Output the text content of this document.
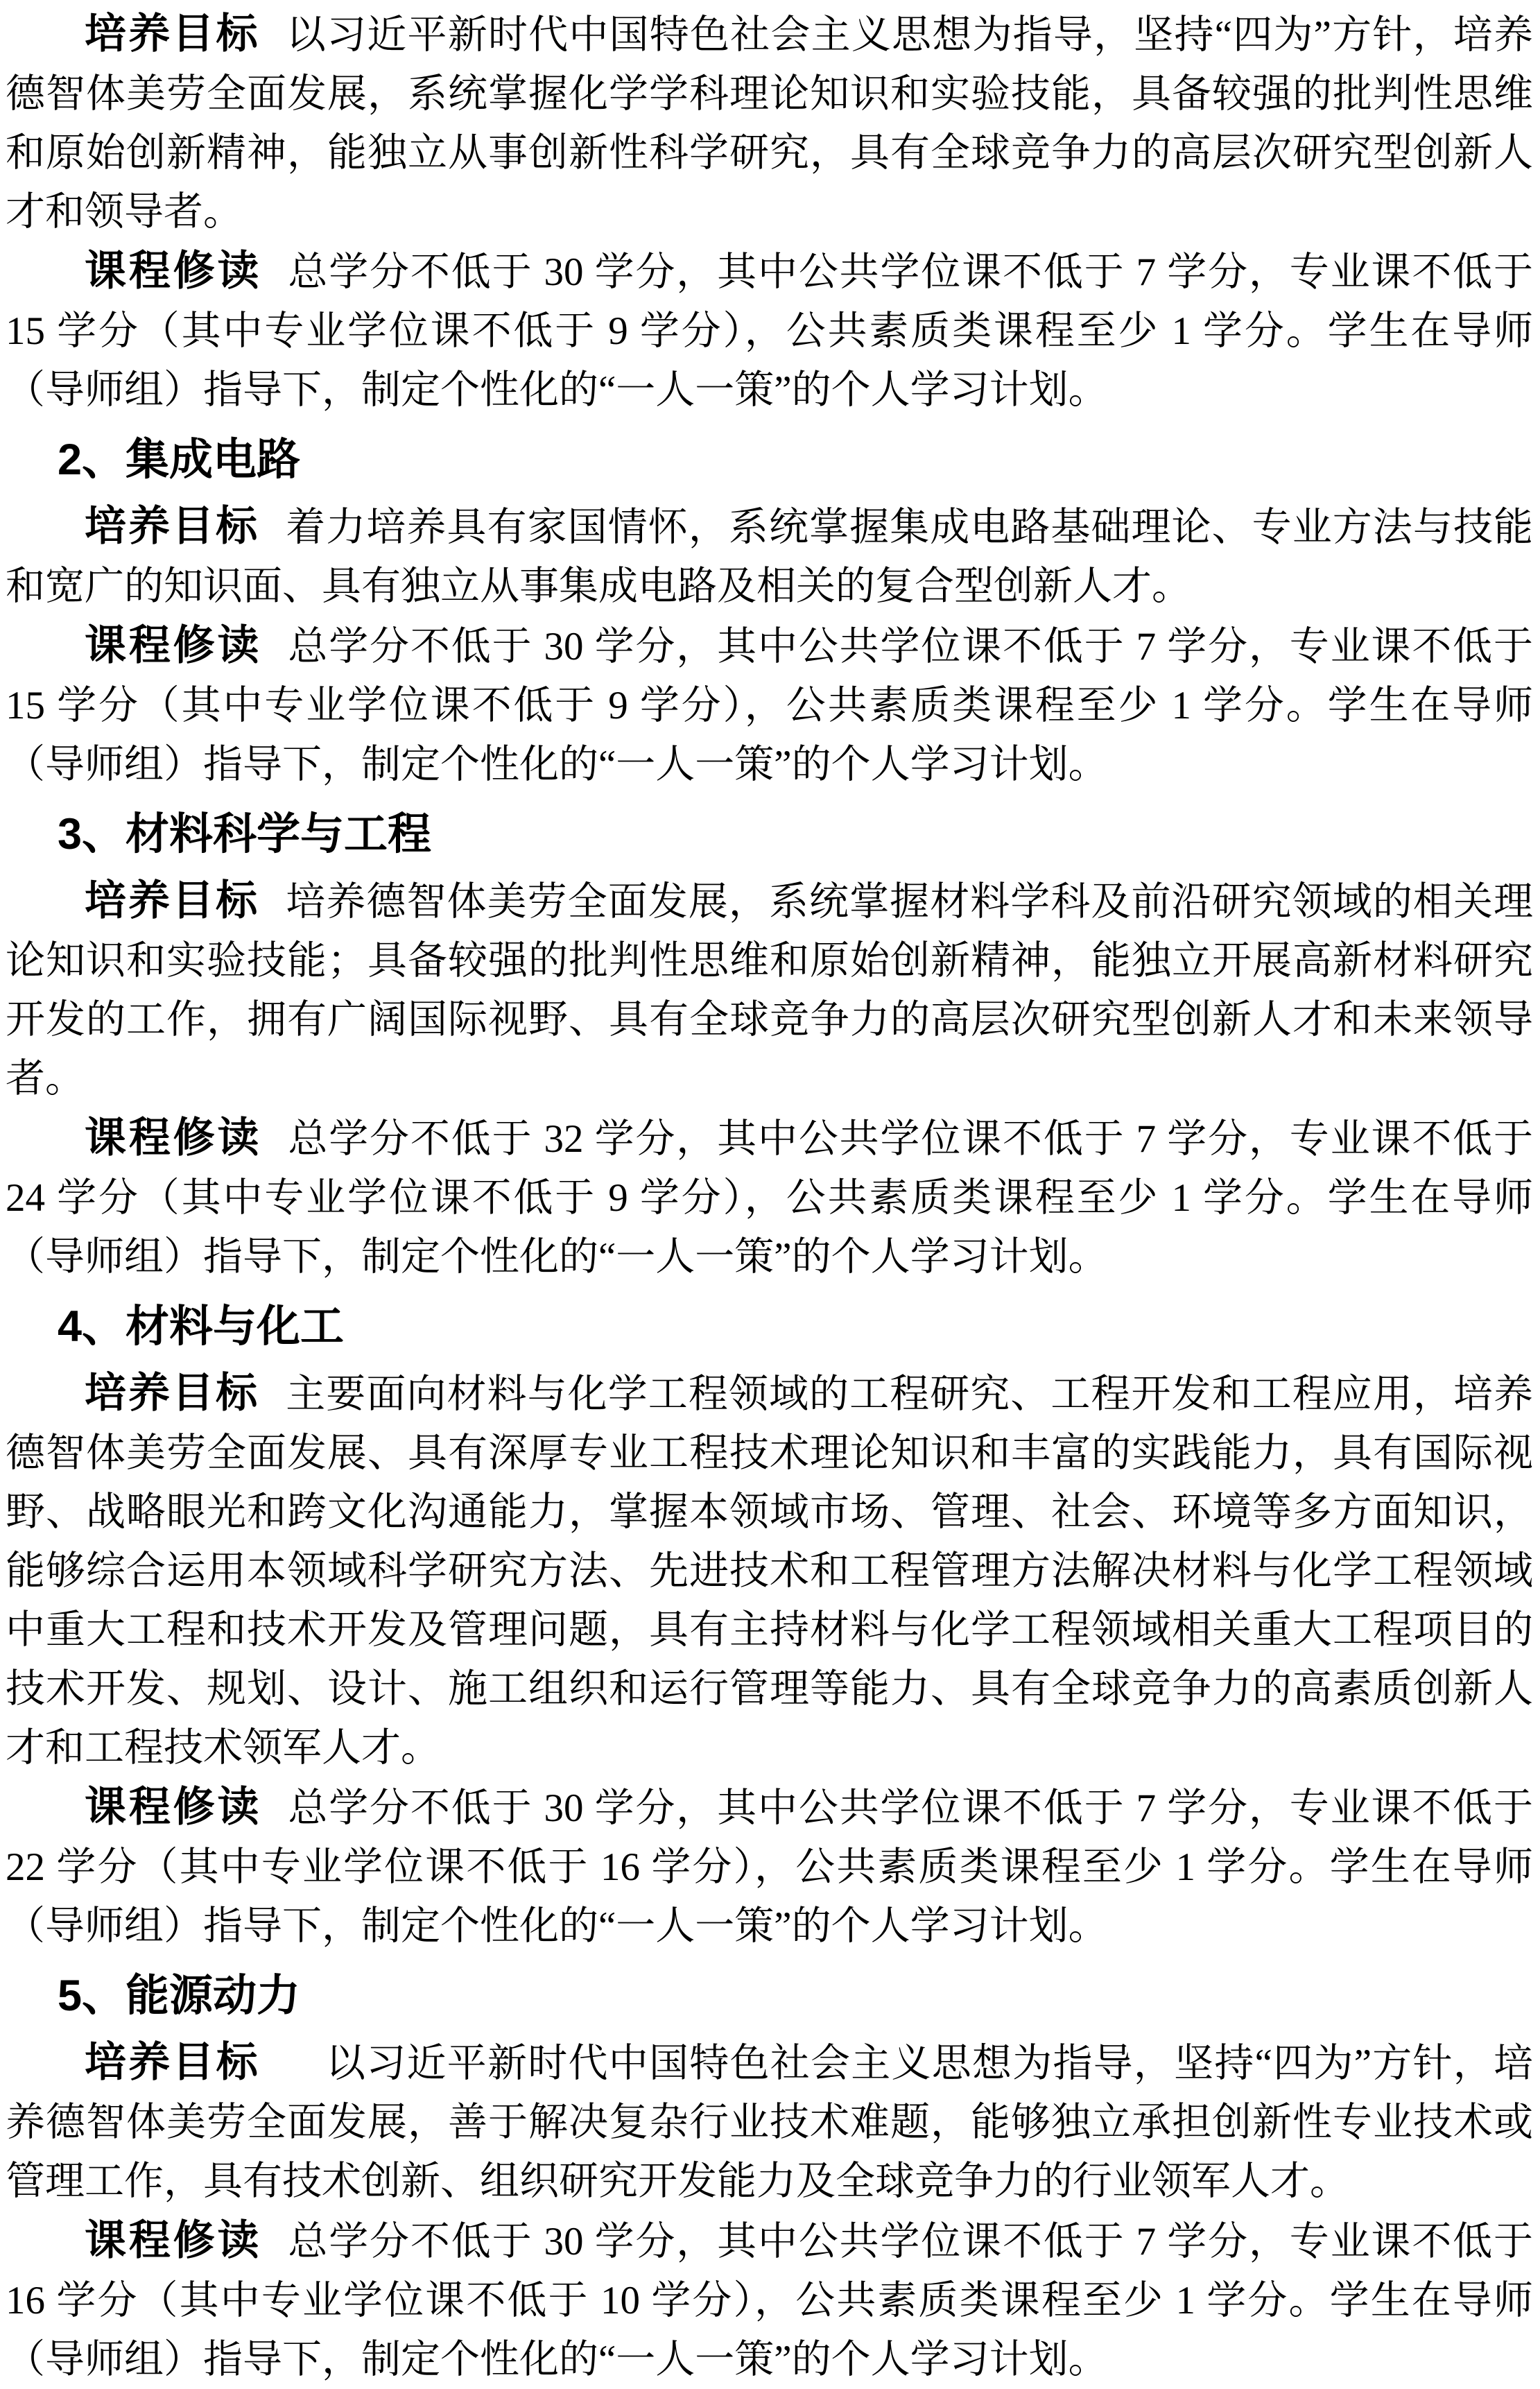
培养目标 以习近平新时代中国特色社会主义思想为指导，坚持“四为”方针，培养德智体美劳全面发展，系统掌握化学学科理论知识和实验技能，具备较强的批判性思维和原始创新精神，能独立从事创新性科学研究，具有全球竞争力的高层次研究型创新人才和领导者。

课程修读 总学分不低于 30 学分，其中公共学位课不低于 7 学分，专业课不低于 15 学分（其中专业学位课不低于 9 学分），公共素质类课程至少 1 学分。学生在导师（导师组）指导下，制定个性化的“一人一策”的个人学习计划。

2、集成电路

培养目标 着力培养具有家国情怀，系统掌握集成电路基础理论、专业方法与技能和宽广的知识面、具有独立从事集成电路及相关的复合型创新人才。

课程修读 总学分不低于 30 学分，其中公共学位课不低于 7 学分，专业课不低于 15 学分（其中专业学位课不低于 9 学分），公共素质类课程至少 1 学分。学生在导师（导师组）指导下，制定个性化的“一人一策”的个人学习计划。

3、材料科学与工程

培养目标 培养德智体美劳全面发展，系统掌握材料学科及前沿研究领域的相关理论知识和实验技能；具备较强的批判性思维和原始创新精神，能独立开展高新材料研究开发的工作，拥有广阔国际视野、具有全球竞争力的高层次研究型创新人才和未来领导者。

课程修读 总学分不低于 32 学分，其中公共学位课不低于 7 学分，专业课不低于 24 学分（其中专业学位课不低于 9 学分），公共素质类课程至少 1 学分。学生在导师（导师组）指导下，制定个性化的“一人一策”的个人学习计划。

4、材料与化工

培养目标 主要面向材料与化学工程领域的工程研究、工程开发和工程应用，培养德智体美劳全面发展、具有深厚专业工程技术理论知识和丰富的实践能力，具有国际视野、战略眼光和跨文化沟通能力，掌握本领域市场、管理、社会、环境等多方面知识，能够综合运用本领域科学研究方法、先进技术和工程管理方法解决材料与化学工程领域中重大工程和技术开发及管理问题，具有主持材料与化学工程领域相关重大工程项目的技术开发、规划、设计、施工组织和运行管理等能力、具有全球竞争力的高素质创新人才和工程技术领军人才。

课程修读 总学分不低于 30 学分，其中公共学位课不低于 7 学分，专业课不低于 22 学分（其中专业学位课不低于 16 学分），公共素质类课程至少 1 学分。学生在导师（导师组）指导下，制定个性化的“一人一策”的个人学习计划。

5、能源动力

培养目标 以习近平新时代中国特色社会主义思想为指导，坚持“四为”方针，培养德智体美劳全面发展，善于解决复杂行业技术难题，能够独立承担创新性专业技术或管理工作，具有技术创新、组织研究开发能力及全球竞争力的行业领军人才。

课程修读 总学分不低于 30 学分，其中公共学位课不低于 7 学分，专业课不低于 16 学分（其中专业学位课不低于 10 学分），公共素质类课程至少 1 学分。学生在导师（导师组）指导下，制定个性化的“一人一策”的个人学习计划。
